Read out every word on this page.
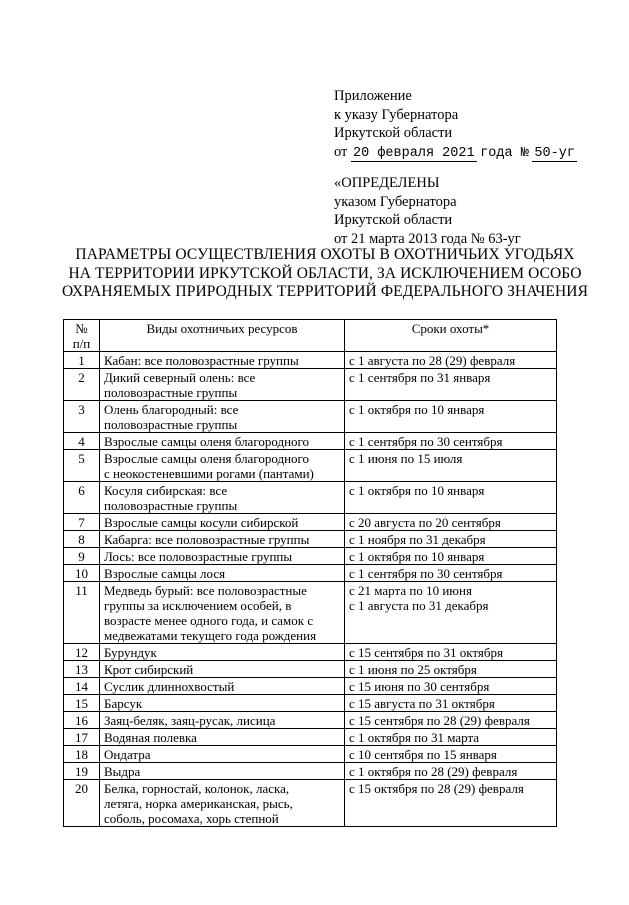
Приложение
к указу Губернатора
Иркутской области
от 20 февраля 2021 года № 50-уг
«ОПРЕДЕЛЕНЫ
указом Губернатора
Иркутской области
от 21 марта 2013 года № 63-уг
ПАРАМЕТРЫ ОСУЩЕСТВЛЕНИЯ ОХОТЫ В ОХОТНИЧЬИХ УГОДЬЯХ
НА ТЕРРИТОРИИ ИРКУТСКОЙ ОБЛАСТИ, ЗА ИСКЛЮЧЕНИЕМ ОСОБО
ОХРАНЯЕМЫХ ПРИРОДНЫХ ТЕРРИТОРИЙ ФЕДЕРАЛЬНОГО ЗНАЧЕНИЯ
№
п/п	Виды охотничьих ресурсов	Сроки охоты*
1	Кабан: все половозрастные группы	с 1 августа по 28 (29) февраля
2	Дикий северный олень: все
половозрастные группы	с 1 сентября по 31 января
3	Олень благородный: все
половозрастные группы	с 1 октября по 10 января
4	Взрослые самцы оленя благородного	с 1 сентября по 30 сентября
5	Взрослые самцы оленя благородного
с неокостеневшими рогами (пантами)	с 1 июня по 15 июля
6	Косуля сибирская: все
половозрастные группы	с 1 октября по 10 января
7	Взрослые самцы косули сибирской	с 20 августа по 20 сентября
8	Кабарга: все половозрастные группы	с 1 ноября по 31 декабря
9	Лось: все половозрастные группы	с 1 октября по 10 января
10	Взрослые самцы лося	с 1 сентября по 30 сентября
11	Медведь бурый: все половозрастные
группы за исключением особей, в
возрасте менее одного года, и самок с
медвежатами текущего года рождения	с 21 марта по 10 июня
с 1 августа по 31 декабря
12	Бурундук	с 15 сентября по 31 октября
13	Крот сибирский	с 1 июня по 25 октября
14	Суслик длиннохвостый	с 15 июня по 30 сентября
15	Барсук	с 15 августа по 31 октября
16	Заяц-беляк, заяц-русак, лисица	с 15 сентября по 28 (29) февраля
17	Водяная полевка	с 1 октября по 31 марта
18	Ондатра	с 10 сентября по 15 января
19	Выдра	с 1 октября по 28 (29) февраля
20	Белка, горностай, колонок, ласка,
летяга, норка американская, рысь,
соболь, росомаха, хорь степной	с 15 октября по 28 (29) февраля
